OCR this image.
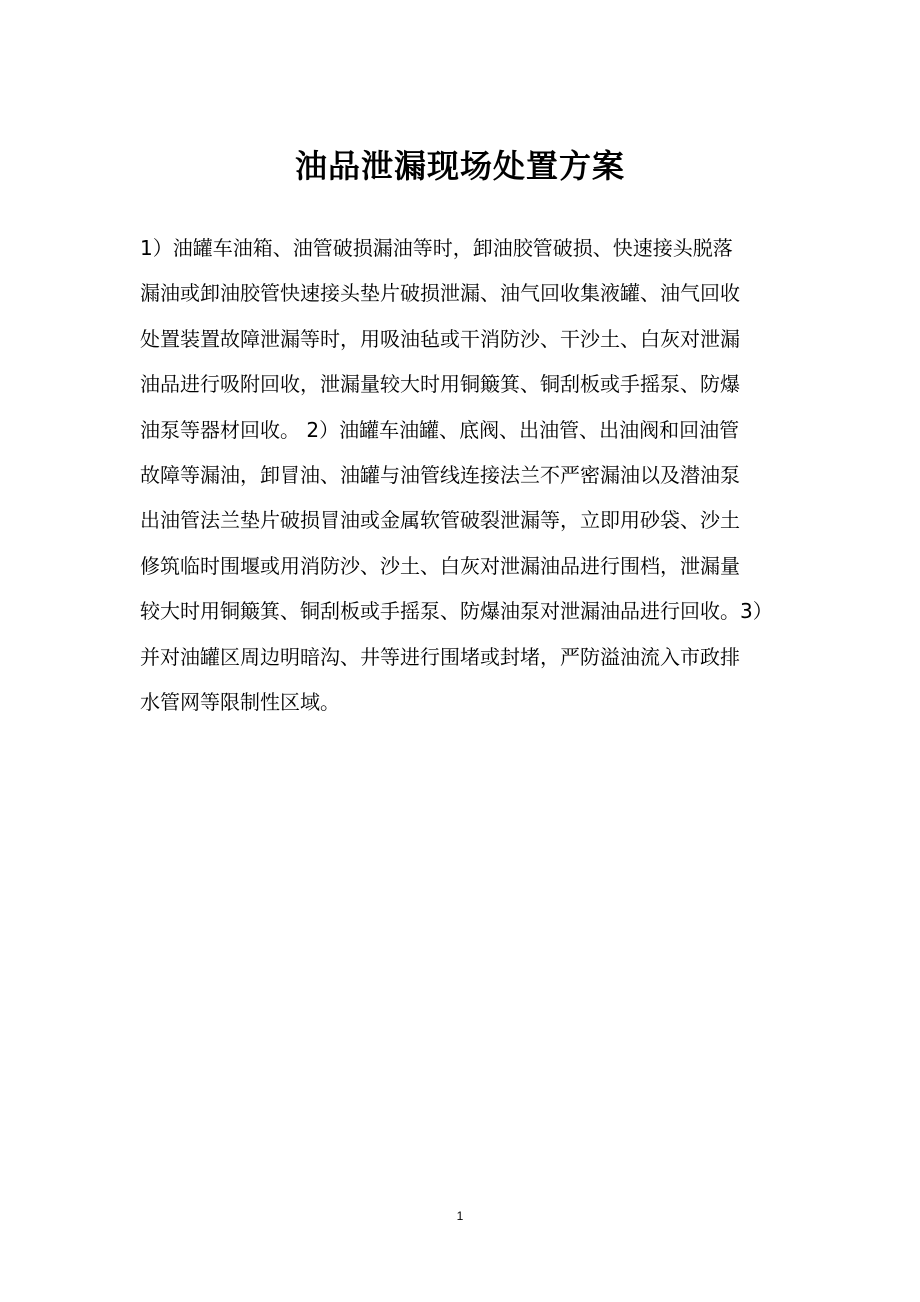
油品泄漏现场处置方案
1）油罐车油箱、油管破损漏油等时，卸油胶管破损、快速接头脱落
漏油或卸油胶管快速接头垫片破损泄漏、油气回收集液罐、油气回收
处置装置故障泄漏等时，用吸油毡或干消防沙、干沙土、白灰对泄漏
油品进行吸附回收，泄漏量较大时用铜簸箕、铜刮板或手摇泵、防爆
油泵等器材回收。 2）油罐车油罐、底阀、出油管、出油阀和回油管
故障等漏油，卸冒油、油罐与油管线连接法兰不严密漏油以及潜油泵
出油管法兰垫片破损冒油或金属软管破裂泄漏等，立即用砂袋、沙土
修筑临时围堰或用消防沙、沙土、白灰对泄漏油品进行围档，泄漏量
较大时用铜簸箕、铜刮板或手摇泵、防爆油泵对泄漏油品进行回收。3）
并对油罐区周边明暗沟、井等进行围堵或封堵，严防溢油流入市政排
水管网等限制性区域。
1
